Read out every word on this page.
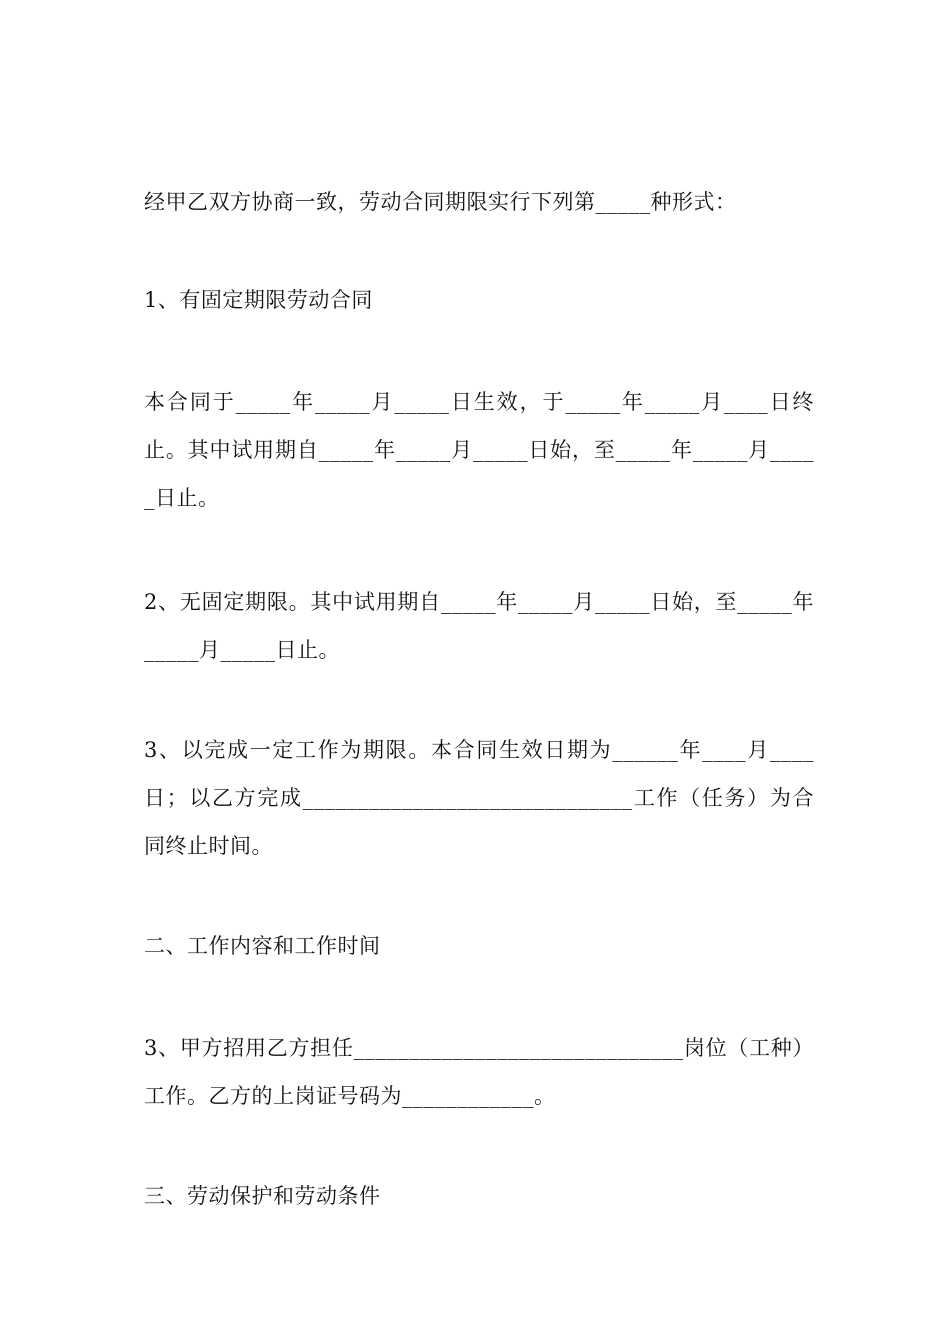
经甲乙双方协商一致，劳动合同期限实行下列第_____种形式：

1、有固定期限劳动合同

本合同于_____年_____月_____日生效，于_____年_____月____日终止。其中试用期自_____年_____月_____日始，至_____年_____月_____日止。

2、无固定期限。其中试用期自_____年_____月_____日始，至_____年_____月_____日止。

3、以完成一定工作为期限。本合同生效日期为______年____月____日；以乙方完成______________________________工作（任务）为合同终止时间。

二、工作内容和工作时间

3、甲方招用乙方担任______________________________岗位（工种）工作。乙方的上岗证号码为____________。

三、劳动保护和劳动条件
